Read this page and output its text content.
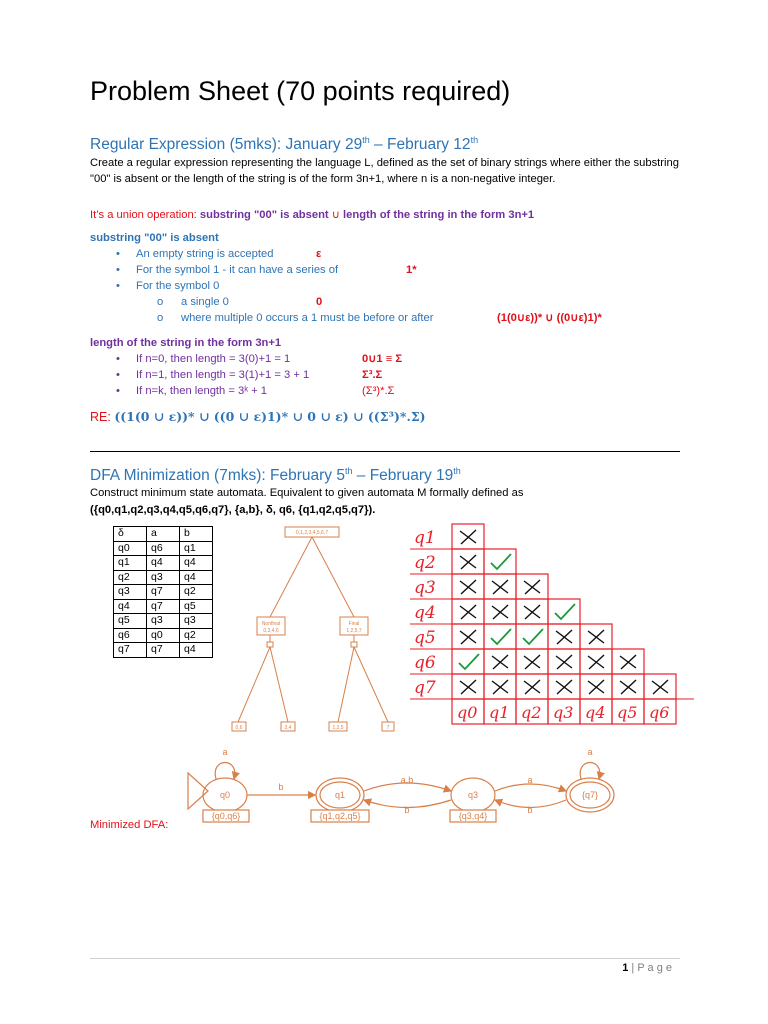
Problem Sheet (70 points required)
Regular Expression (5mks): January 29th – February 12th
Create a regular expression representing the language L, defined as the set of binary strings where either the substring "00" is absent or the length of the string is of the form 3n+1, where n is a non-negative integer.
It’s a union operation: substring "00" is absent ∪ length of the string in the form 3n+1
substring "00" is absent
• An empty string is accepted	ε
• For the symbol 1 - it can have a series of	1*
• For the symbol 0
o a single 0	0
o where multiple 0 occurs a 1 must be before or after	(1(0∪ε))* ∪ ((0∪ε)1)*
length of the string in the form 3n+1
• If n=0, then length = 3(0)+1 = 1	0∪1 ≡ Σ
• If n=1, then length = 3(1)+1 = 3 + 1	Σ³.Σ
• If n=k, then length = 3ᵏ + 1	(Σ³)*.Σ
RE: ((1(0 ∪ ε))* ∪ ((0 ∪ ε)1)* ∪ 0 ∪ ε) ∪ ((Σ³)*.Σ)
DFA Minimization (7mks): February 5th – February 19th
Construct minimum state automata. Equivalent to given automata M formally defined as
({q0,q1,q2,q3,q4,q5,q6,q7}, {a,b}, δ, q6, {q1,q2,q5,q7}).
δ	a	b
q0	q6	q1
q1	q4	q4
q2	q3	q4
q3	q7	q2
q4	q7	q5
q5	q3	q3
q6	q0	q2
q7	q7	q4
0,1,2,3,4,5,6,7
Nonfinal
0,3,4,6
Final
1,2,5,7
0,6	3,4	1,2,5	7
q1
q2
q3
q4
q5
q6
q7
q0 q1 q2 q3 q4 q5 q6
a
b
a,b
b
a
b
a
q0	q1	q3	{q7}
{q0,q6}	{q1,q2,q5}	{q3,q4}
Minimized DFA:
1 | P a g e
